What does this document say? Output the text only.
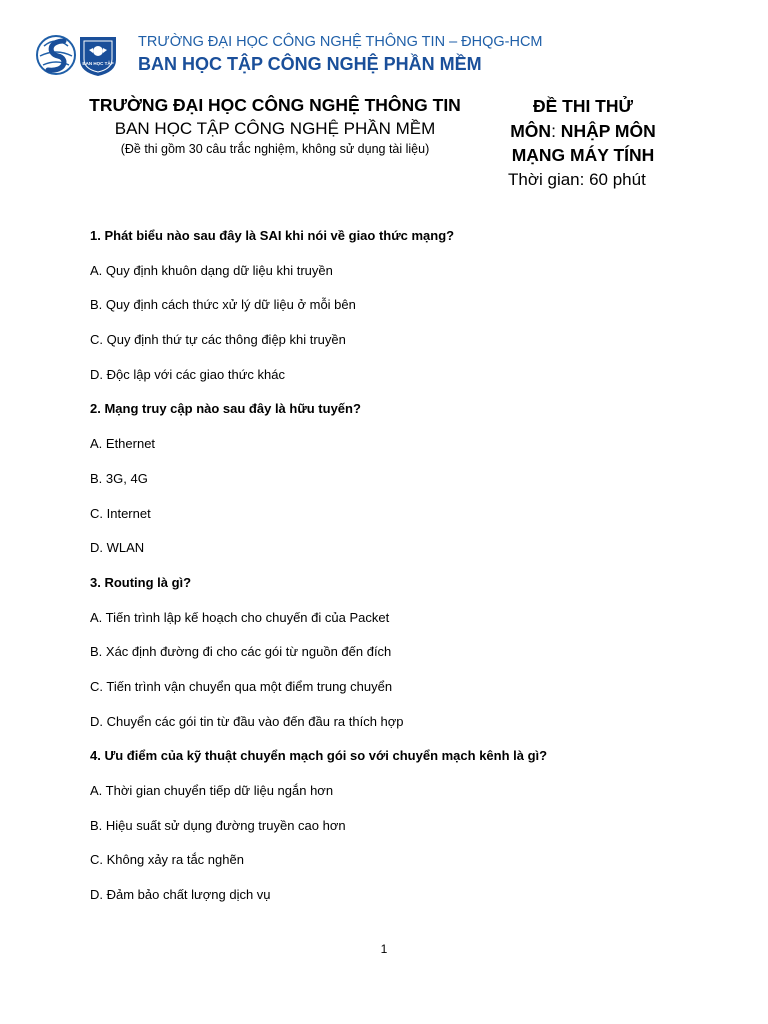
BAN HỌC TẬP
TRƯỜNG ĐẠI HỌC CÔNG NGHỆ THÔNG TIN – ĐHQG-HCM
BAN HỌC TẬP CÔNG NGHỆ PHẦN MỀM
TRƯỜNG ĐẠI HỌC CÔNG NGHỆ THÔNG TIN
BAN HỌC TẬP CÔNG NGHỆ PHẦN MỀM
(Đề thi gồm 30 câu trắc nghiệm, không sử dụng tài liệu)
ĐỀ THI THỬ
MÔN: NHẬP MÔN
MẠNG MÁY TÍNH
Thời gian: 60 phút
1. Phát biểu nào sau đây là SAI khi nói về giao thức mạng?
A. Quy định khuôn dạng dữ liệu khi truyền
B. Quy định cách thức xử lý dữ liệu ở mỗi bên
C. Quy định thứ tự các thông điệp khi truyền
D. Độc lập với các giao thức khác
2. Mạng truy cập nào sau đây là hữu tuyến?
A. Ethernet
B. 3G, 4G
C. Internet
D. WLAN
3. Routing là gì?
A. Tiến trình lập kế hoạch cho chuyến đi của Packet
B. Xác định đường đi cho các gói từ nguồn đến đích
C. Tiến trình vận chuyển qua một điểm trung chuyển
D. Chuyển các gói tin từ đầu vào đến đầu ra thích hợp
4. Ưu điểm của kỹ thuật chuyển mạch gói so với chuyển mạch kênh là gì?
A. Thời gian chuyển tiếp dữ liệu ngắn hơn
B. Hiệu suất sử dụng đường truyền cao hơn
C. Không xảy ra tắc nghẽn
D. Đảm bảo chất lượng dịch vụ
1
